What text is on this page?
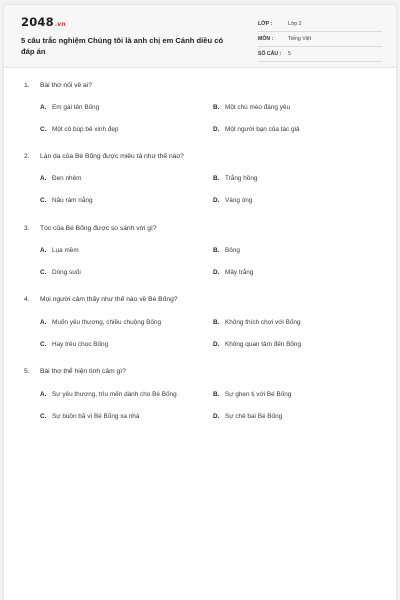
2048.vn
5 câu trắc nghiệm Chúng tôi là anh chị em Cánh diều có đáp án
LỚP :	Lớp 2
MÔN :	Tiếng Việt
SỐ CÂU : 5
1. Bài thơ nói về ai?
A. Em gái tên Bống	B. Một chú mèo đáng yêu
C. Một cô búp bê xinh đẹp	D. Một người bạn của tác giả
2. Làn da của Bé Bống được miêu tả như thế nào?
A. Đen nhẻm	B. Trắng hồng
C. Nâu rám nắng	D. Vàng óng
3. Tóc của Bé Bống được so sánh với gì?
A. Lụa mềm	B. Bông
C. Dòng suối	D. Mây trắng
4. Mọi người cảm thấy như thế nào về Bé Bống?
A. Muốn yêu thương, chiều chuộng Bống	B. Không thích chơi với Bống
C. Hay trêu chọc Bống	D. Không quan tâm đến Bống
5. Bài thơ thể hiện tình cảm gì?
A. Sự yêu thương, trìu mến dành cho Bé Bống	B. Sự ghen tị với Bé Bống
C. Sự buồn bã vì Bé Bống xa nhà	D. Sự chê bai Bé Bống
